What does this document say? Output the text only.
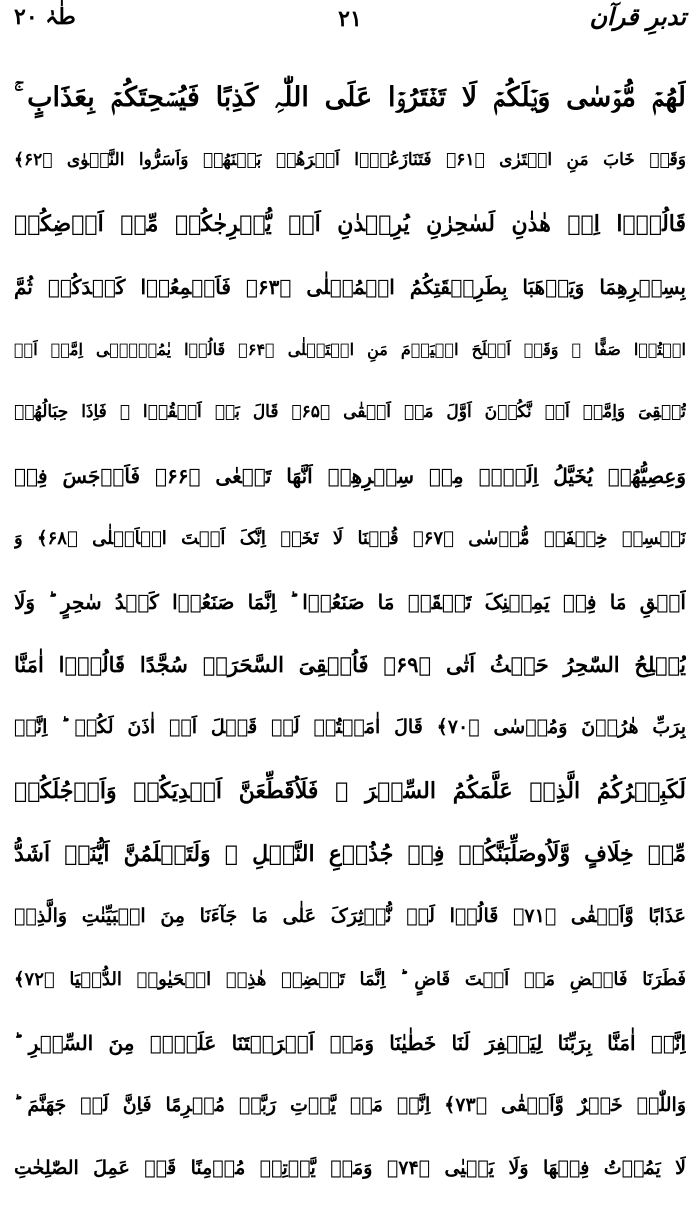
طٰہٰ ۲۰	۲۱	تدبرِ قرآن
لَھُمۡ مُّوۡسٰی وَیۡلَکُمۡ لَا تَفۡتَرُوۡا عَلَی اللّٰہِ کَذِبًا فَیُسۡحِتَکُمۡ بِعَذَابٍ ۚ
وَقَدۡ خَابَ مَنِ افۡتَرٰی ﴿۶۱﴾ فَتَنَازَعُوۡۤا اَمۡرَھُمۡ بَیۡنَھُمۡ وَاَسَرُّوا النَّجۡوٰی ﴿۶۲﴾
قَالُوۡۤا اِنۡ ھٰذٰنِ لَسٰحِرٰنِ یُرِیۡدٰنِ اَنۡ یُّخۡرِجٰکُمۡ مِّنۡ اَرۡضِکُمۡ
بِسِحۡرِھِمَا وَیَذۡھَبَا بِطَرِیۡقَتِکُمُ الۡمُثۡلٰی ﴿۶۳﴾ فَاَجۡمِعُوۡا کَیۡدَکُمۡ ثُمَّ
ائۡتُوۡا صَفًّا ۚ وَقَدۡ اَفۡلَحَ الۡیَوۡمَ مَنِ اسۡتَعۡلٰی ﴿۶۴﴾ قَالُوۡا یٰمُوۡسٰۤی اِمَّاۤ اَنۡ
تُلۡقِیَ وَاِمَّاۤ اَنۡ نَّکُوۡنَ اَوَّلَ مَنۡ اَلۡقٰی ﴿۶۵﴾ قَالَ بَلۡ اَلۡقُوۡا ۚ فَاِذَا حِبَالُھُمۡ
وَعِصِیُّھُمۡ یُخَیَّلُ اِلَیۡہِ مِنۡ سِحۡرِھِمۡ اَنَّھَا تَسۡعٰی ﴿۶۶﴾ فَاَوۡجَسَ فِیۡ
نَفۡسِہٖ خِیۡفَۃً مُّوۡسٰی ﴿۶۷﴾ قُلۡنَا لَا تَخَفۡ اِنَّکَ اَنۡتَ الۡاَعۡلٰی ﴿۶۸﴾ وَ
اَلۡقِ مَا فِیۡ یَمِیۡنِکَ تَلۡقَفۡ مَا صَنَعُوۡا ؕ اِنَّمَا صَنَعُوۡا کَیۡدُ سٰحِرٍ ؕ وَلَا
یُفۡلِحُ السّٰحِرُ حَیۡثُ اَتٰی ﴿۶۹﴾ فَاُلۡقِیَ السَّحَرَۃُ سُجَّدًا قَالُوۡۤا اٰمَنَّا
بِرَبِّ ھٰرُوۡنَ وَمُوۡسٰی ﴿۷۰﴾ قَالَ اٰمَنۡتُمۡ لَہٗ قَبۡلَ اَنۡ اٰذَنَ لَکُمۡ ؕ اِنَّہٗ
لَکَبِیۡرُکُمُ الَّذِیۡ عَلَّمَکُمُ السِّحۡرَ ۚ فَلَاُقَطِّعَنَّ اَیۡدِیَکُمۡ وَاَرۡجُلَکُمۡ
مِّنۡ خِلَافٍ وَّلَاُوصَلِّبَنَّکُمۡ فِیۡ جُذُوۡعِ النَّخۡلِ ۫ وَلَتَعۡلَمُنَّ اَیُّنَاۤ اَشَدُّ
عَذَابًا وَّاَبۡقٰی ﴿۷۱﴾ قَالُوۡا لَنۡ نُّؤۡثِرَکَ عَلٰی مَا جَآءَنَا مِنَ الۡبَیِّنٰتِ وَالَّذِیۡ
فَطَرَنَا فَاقۡضِ مَاۤ اَنۡتَ قَاضٍ ؕ اِنَّمَا تَقۡضِیۡ ھٰذِہِ الۡحَیٰوۃَ الدُّنۡیَا ﴿۷۲﴾
اِنَّاۤ اٰمَنَّا بِرَبِّنَا لِیَغۡفِرَ لَنَا خَطٰیٰنَا وَمَاۤ اَکۡرَھۡتَنَا عَلَیۡہِ مِنَ السِّحۡرِ ؕ
وَاللّٰہُ خَیۡرٌ وَّاَبۡقٰی ﴿۷۳﴾ اِنَّہٗ مَنۡ یَّاۡتِ رَبَّہٗ مُجۡرِمًا فَاِنَّ لَہٗ جَھَنَّمَ ؕ
لَا یَمُوۡتُ فِیۡھَا وَلَا یَحۡیٰی ﴿۷۴﴾ وَمَنۡ یَّاۡتِہٖ مُؤۡمِنًا قَدۡ عَمِلَ الصّٰلِحٰتِ
